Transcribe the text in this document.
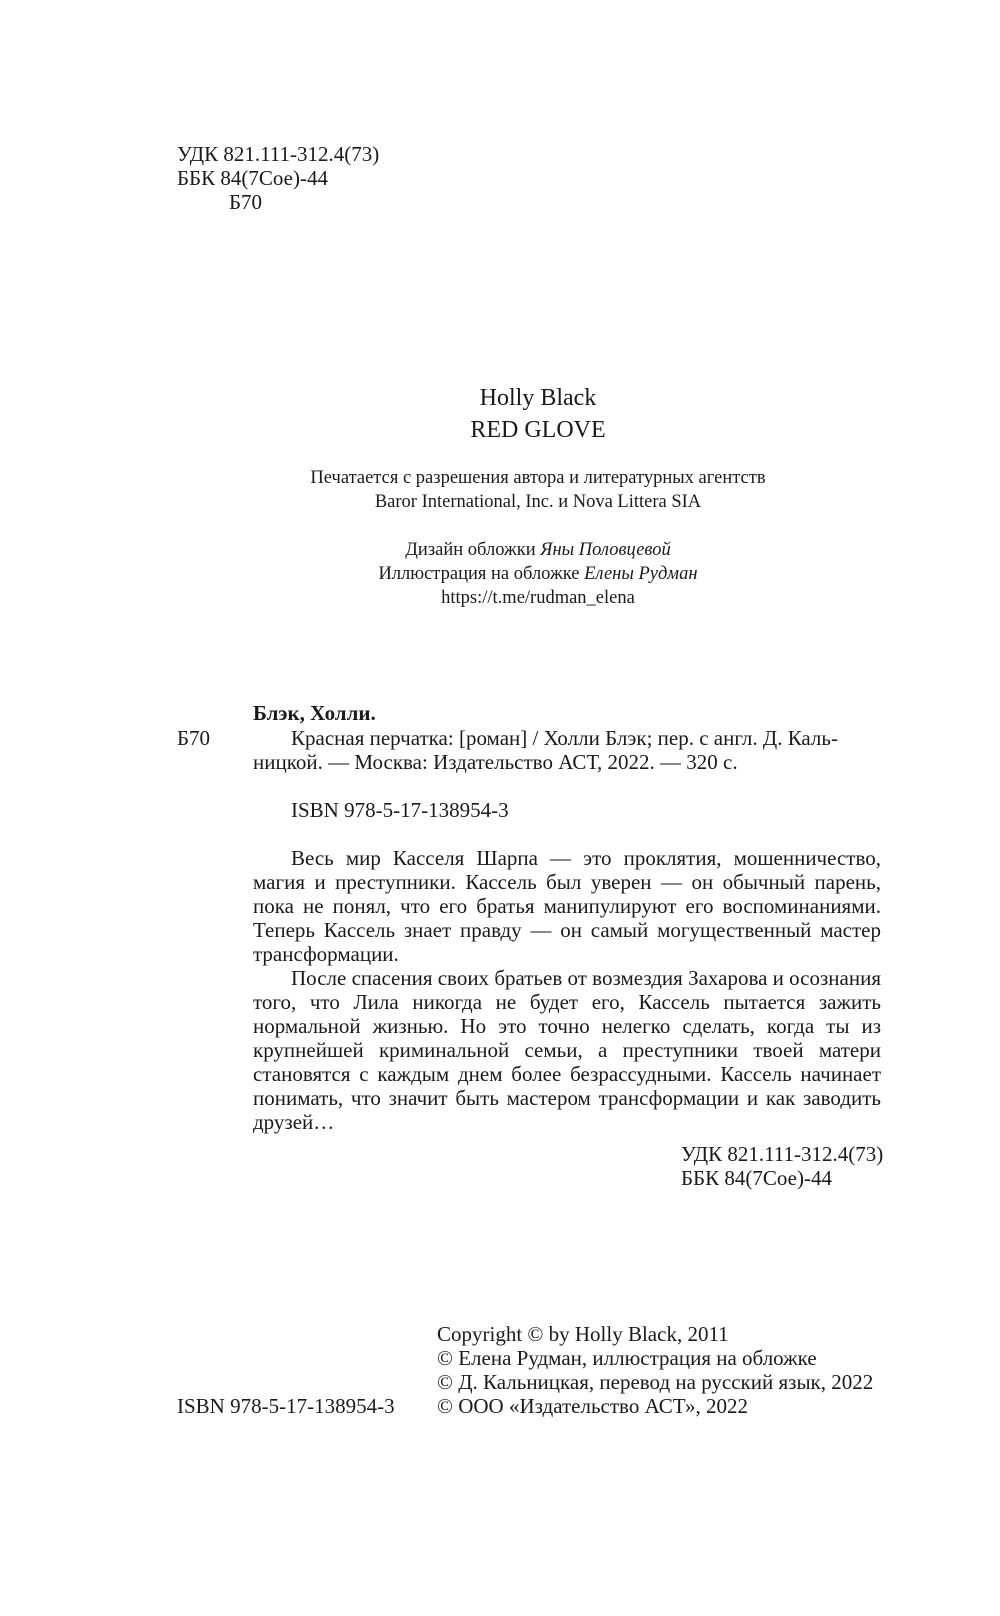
УДК 821.111-312.4(73)
ББК 84(7Сое)-44
Б70
Holly Black
RED GLOVE
Печатается с разрешения автора и литературных агентств
Baror International, Inc. и Nova Littera SIA
Дизайн обложки Яны Половцевой
Иллюстрация на обложке Елены Рудман
https://t.me/rudman_elena
Блэк, Холли.
Б70	Красная перчатка: [роман] / Холли Блэк; пер. с англ. Д. Каль-
ницкой. — Москва: Издательство АСТ, 2022. — 320 с.
ISBN 978-5-17-138954-3

Весь мир Касселя Шарпа — это проклятия, мошенничество, магия и преступники. Кассель был уверен — он обычный парень, пока не понял, что его братья манипулируют его воспоминаниями. Теперь Кассель знает правду — он самый могущественный мастер трансформации.

После спасения своих братьев от возмездия Захарова и осознания того, что Лила никогда не будет его, Кассель пытается зажить нормальной жизнью. Но это точно нелегко сделать, когда ты из крупнейшей криминальной семьи, а преступники твоей матери становятся с каждым днем более безрассудными. Кассель начинает понимать, что значит быть мастером трансформации и как заводить друзей…

УДК 821.111-312.4(73)
ББК 84(7Сое)-44
Copyright © by Holly Black, 2011
© Елена Рудман, иллюстрация на обложке
© Д. Кальницкая, перевод на русский язык, 2022
© ООО «Издательство АСТ», 2022
ISBN 978-5-17-138954-3
